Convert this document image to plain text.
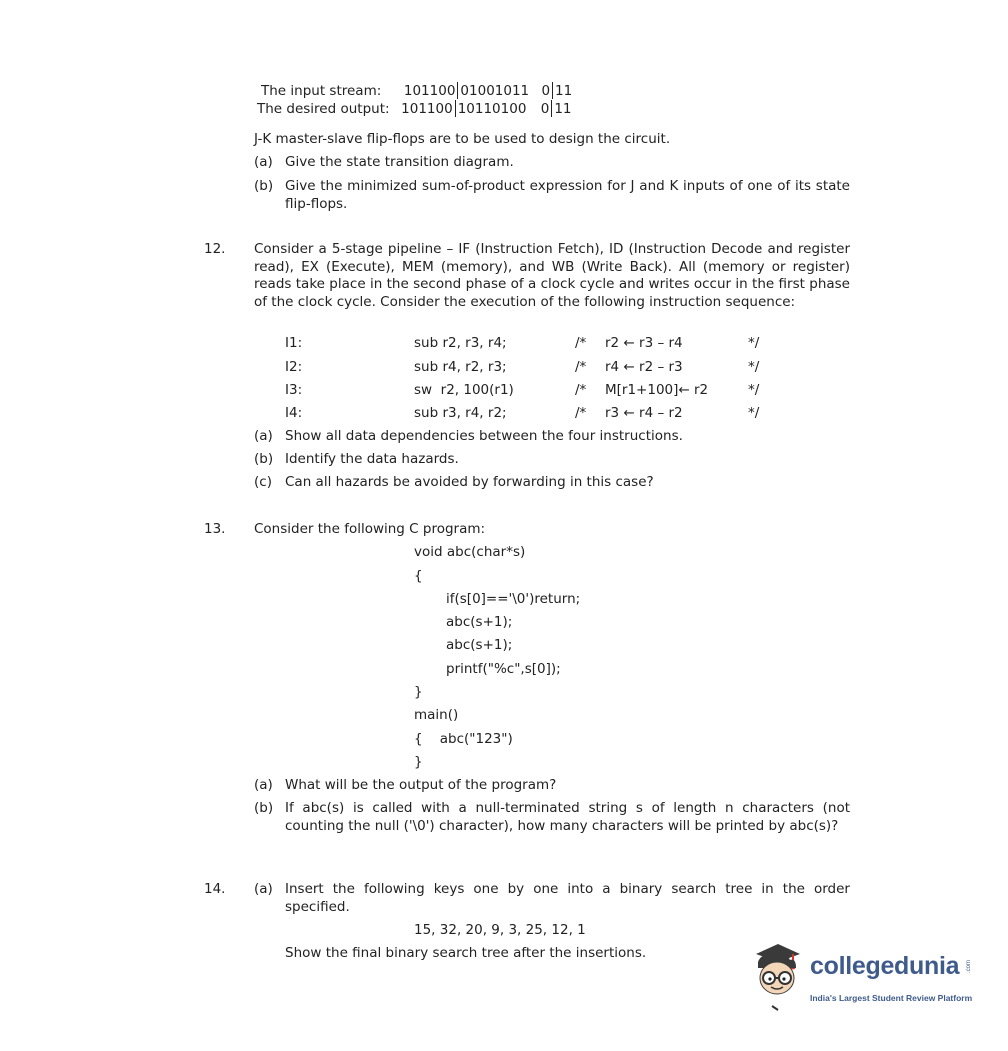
The input stream: 101100 01001011 0 11
The desired output: 101100 10110100 0 11
J-K master-slave flip-flops are to be used to design the circuit.
(a) Give the state transition diagram.
(b) Give the minimized sum-of-product expression for J and K inputs of one of its state flip-flops.
12. Consider a 5-stage pipeline – IF (Instruction Fetch), ID (Instruction Decode and register read), EX (Execute), MEM (memory), and WB (Write Back). All (memory or register) reads take place in the second phase of a clock cycle and writes occur in the first phase of the clock cycle. Consider the execution of the following instruction sequence:
I1:	sub r2, r3, r4;	/* r2 ← r3 – r4	*/
I2:	sub r4, r2, r3;	/* r4 ← r2 – r3	*/
I3:	sw  r2, 100(r1)	/* M[r1+100]← r2	*/
I4:	sub r3, r4, r2;	/* r3 ← r4 – r2	*/
(a) Show all data dependencies between the four instructions.
(b) Identify the data hazards.
(c) Can all hazards be avoided by forwarding in this case?
13. Consider the following C program:
void abc(char*s)
{
if(s[0]=='\0')return;
abc(s+1);
abc(s+1);
printf("%c",s[0]);
}
main()
{    abc("123")
}
(a) What will be the output of the program?
(b) If abc(s) is called with a null-terminated string s of length n characters (not counting the null ('\0') character), how many characters will be printed by abc(s)?
14. (a) Insert the following keys one by one into a binary search tree in the order specified.
15, 32, 20, 9, 3, 25, 12, 1
Show the final binary search tree after the insertions.	collegedunia .com
India's Largest Student Review Platform
